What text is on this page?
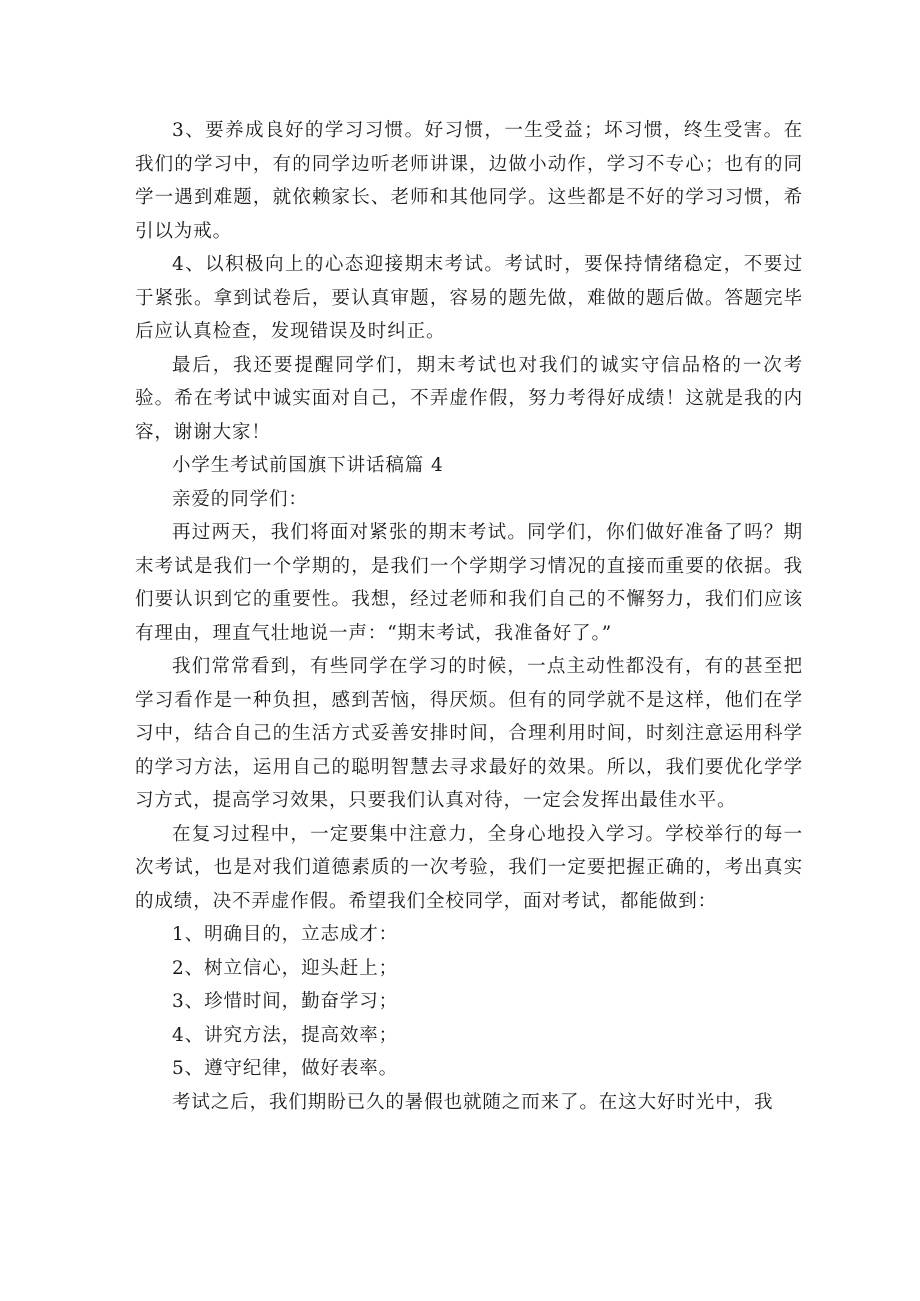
3、要养成良好的学习习惯。好习惯，一生受益；坏习惯，终生受害。在我们的学习中，有的同学边听老师讲课，边做小动作，学习不专心；也有的同学一遇到难题，就依赖家长、老师和其他同学。这些都是不好的学习习惯，希引以为戒。

4、以积极向上的心态迎接期末考试。考试时，要保持情绪稳定，不要过于紧张。拿到试卷后，要认真审题，容易的题先做，难做的题后做。答题完毕后应认真检查，发现错误及时纠正。

最后，我还要提醒同学们，期末考试也对我们的诚实守信品格的一次考验。希在考试中诚实面对自己，不弄虚作假，努力考得好成绩！这就是我的内容，谢谢大家！

小学生考试前国旗下讲话稿篇 4

亲爱的同学们：

再过两天，我们将面对紧张的期末考试。同学们，你们做好准备了吗？期末考试是我们一个学期的，是我们一个学期学习情况的直接而重要的依据。我们要认识到它的重要性。我想，经过老师和我们自己的不懈努力，我们们应该有理由，理直气壮地说一声：“期末考试，我准备好了。”

我们常常看到，有些同学在学习的时候，一点主动性都没有，有的甚至把学习看作是一种负担，感到苦恼，得厌烦。但有的同学就不是这样，他们在学习中，结合自己的生活方式妥善安排时间，合理利用时间，时刻注意运用科学的学习方法，运用自己的聪明智慧去寻求最好的效果。所以，我们要优化学学习方式，提高学习效果，只要我们认真对待，一定会发挥出最佳水平。

在复习过程中，一定要集中注意力，全身心地投入学习。学校举行的每一次考试，也是对我们道德素质的一次考验，我们一定要把握正确的，考出真实的成绩，决不弄虚作假。希望我们全校同学，面对考试，都能做到：

1、明确目的，立志成才：

2、树立信心，迎头赶上；

3、珍惜时间，勤奋学习；

4、讲究方法，提高效率；

5、遵守纪律，做好表率。

考试之后，我们期盼已久的暑假也就随之而来了。在这大好时光中，我
